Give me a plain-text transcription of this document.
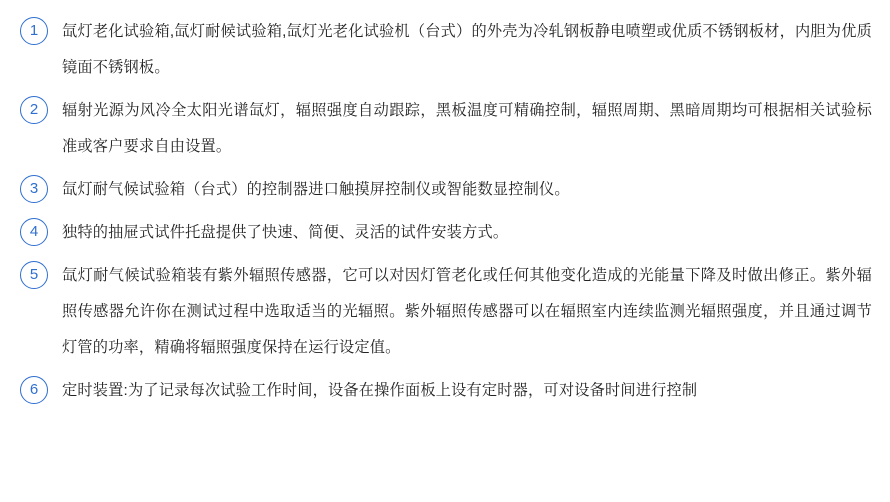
1	氙灯老化试验箱,氙灯耐候试验箱,氙灯光老化试验机（台式）的外壳为冷轧钢板静电喷塑或优质不锈钢板材，内胆为优质镜面不锈钢板。
2	辐射光源为风冷全太阳光谱氙灯，辐照强度自动跟踪，黑板温度可精确控制，辐照周期、黑暗周期均可根据相关试验标准或客户要求自由设置。
3	氙灯耐气候试验箱（台式）的控制器进口触摸屏控制仪或智能数显控制仪。
4	独特的抽屉式试件托盘提供了快速、简便、灵活的试件安装方式。
5	氙灯耐气候试验箱装有紫外辐照传感器，它可以对因灯管老化或任何其他变化造成的光能量下降及时做出修正。紫外辐照传感器允许你在测试过程中选取适当的光辐照。紫外辐照传感器可以在辐照室内连续监测光辐照强度，并且通过调节灯管的功率，精确将辐照强度保持在运行设定值。
6	定时装置:为了记录每次试验工作时间，设备在操作面板上设有定时器，可对设备时间进行控制
